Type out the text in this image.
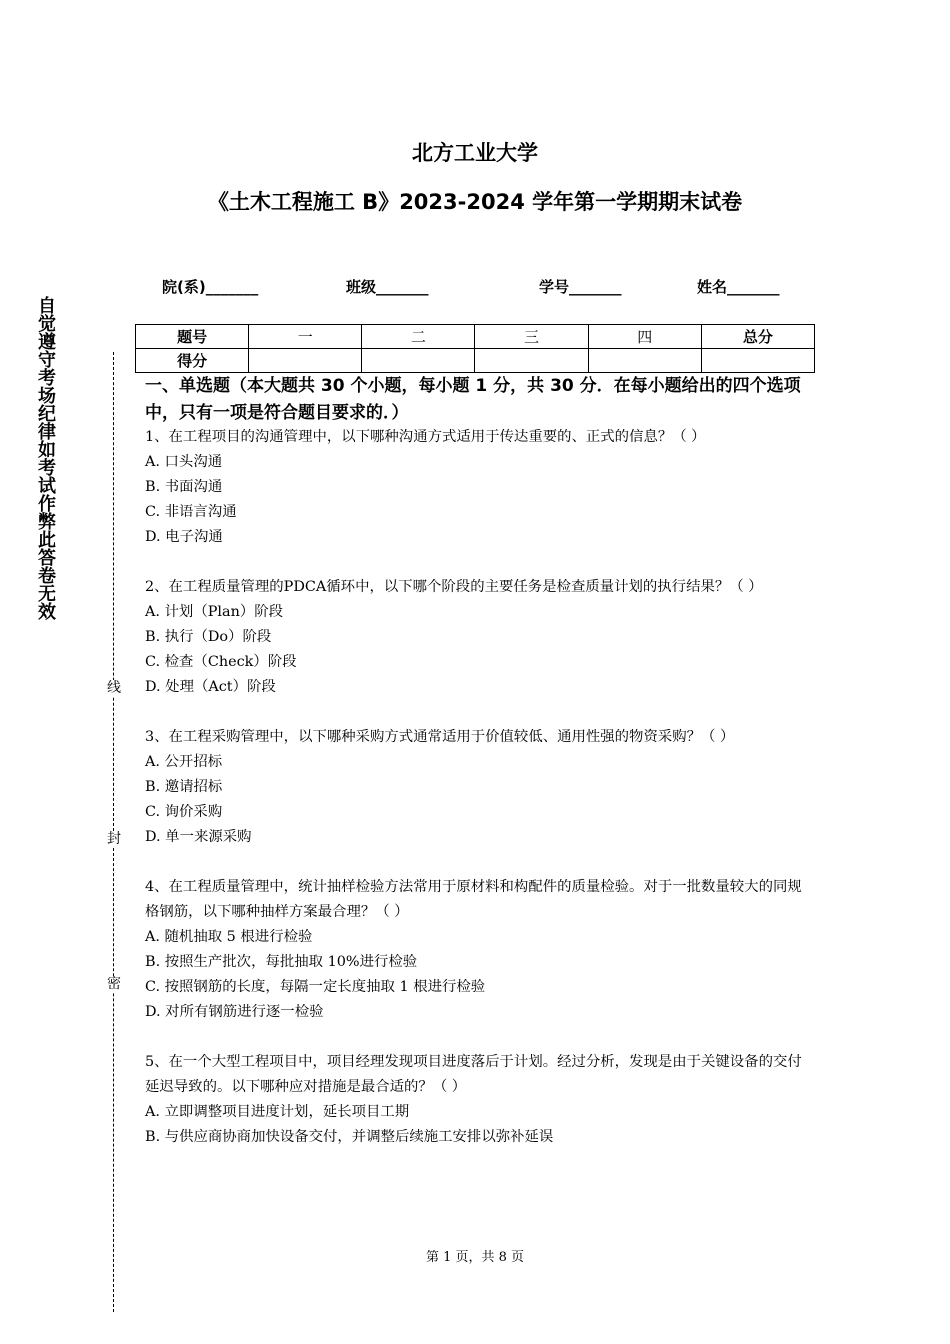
北方工业大学
《土木工程施工 B》2023-2024 学年第一学期期末试卷
院(系)_______	班级_______	学号_______	姓名_______
自觉遵守考场纪律如考试作弊此答卷无效
线
封
密
题号	一	二	三	四	总分
得分					
一、单选题（本大题共 30 个小题，每小题 1 分，共 30 分．在每小题给出的四个选项中，只有一项是符合题目要求的．）

1、在工程项目的沟通管理中，以下哪种沟通方式适用于传达重要的、正式的信息？（ ）

A. 口头沟通

B. 书面沟通

C. 非语言沟通

D. 电子沟通

2、在工程质量管理的PDCA循环中，以下哪个阶段的主要任务是检查质量计划的执行结果？（ ）

A. 计划（Plan）阶段

B. 执行（Do）阶段

C. 检查（Check）阶段

D. 处理（Act）阶段

3、在工程采购管理中，以下哪种采购方式通常适用于价值较低、通用性强的物资采购？（ ）

A. 公开招标

B. 邀请招标

C. 询价采购

D. 单一来源采购

4、在工程质量管理中，统计抽样检验方法常用于原材料和构配件的质量检验。对于一批数量较大的同规格钢筋，以下哪种抽样方案最合理？（ ）

A. 随机抽取 5 根进行检验

B. 按照生产批次，每批抽取 10%进行检验

C. 按照钢筋的长度，每隔一定长度抽取 1 根进行检验

D. 对所有钢筋进行逐一检验

5、在一个大型工程项目中，项目经理发现项目进度落后于计划。经过分析，发现是由于关键设备的交付延迟导致的。以下哪种应对措施是最合适的？（ ）

A. 立即调整项目进度计划，延长项目工期

B. 与供应商协商加快设备交付，并调整后续施工安排以弥补延误

第 1 页，共 8 页
